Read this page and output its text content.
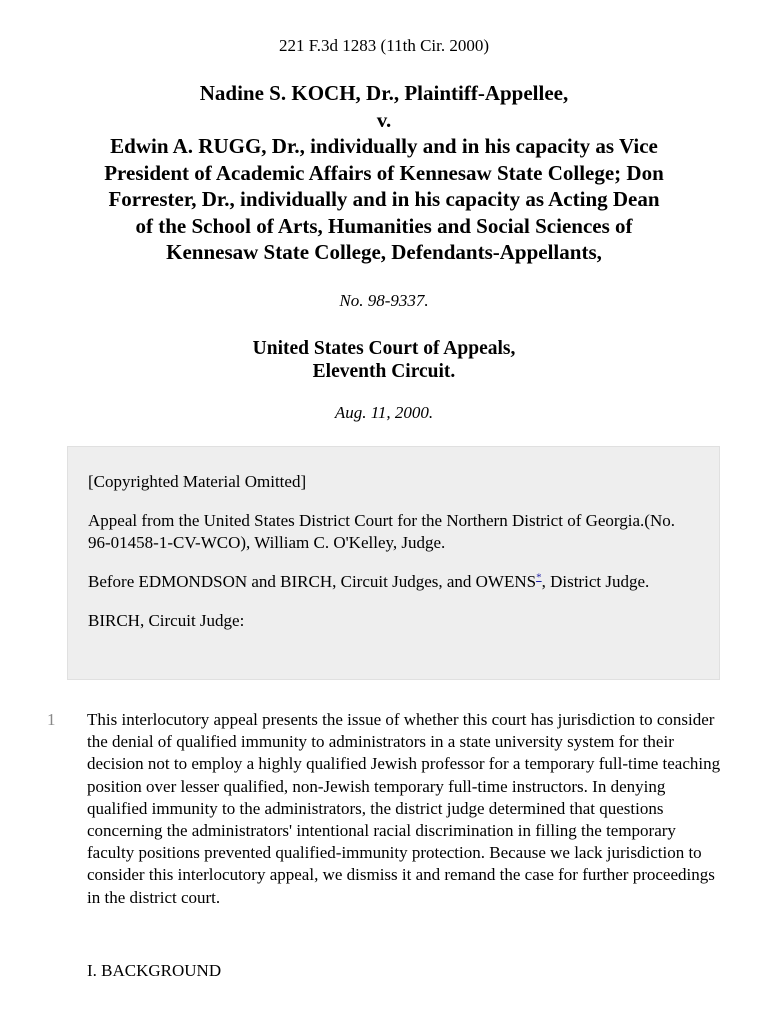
221 F.3d 1283 (11th Cir. 2000)
Nadine S. KOCH, Dr., Plaintiff-Appellee,
v.
Edwin A. RUGG, Dr., individually and in his capacity as Vice
President of Academic Affairs of Kennesaw State College; Don
Forrester, Dr., individually and in his capacity as Acting Dean
of the School of Arts, Humanities and Social Sciences of
Kennesaw State College, Defendants-Appellants,
No. 98-9337.
United States Court of Appeals,
Eleventh Circuit.
Aug. 11, 2000.

[Copyrighted Material Omitted]

Appeal from the United States District Court for the Northern District of Georgia.(No. 96-01458-1-CV-WCO), William C. O'Kelley, Judge.

Before EDMONDSON and BIRCH, Circuit Judges, and OWENS*, District Judge.

BIRCH, Circuit Judge:

1	This interlocutory appeal presents the issue of whether this court has jurisdiction to consider the denial of qualified immunity to administrators in a state university system for their decision not to employ a highly qualified Jewish professor for a temporary full-time teaching position over lesser qualified, non-Jewish temporary full-time instructors. In denying qualified immunity to the administrators, the district judge determined that questions concerning the administrators' intentional racial discrimination in filling the temporary faculty positions prevented qualified-immunity protection. Because we lack jurisdiction to consider this interlocutory appeal, we dismiss it and remand the case for further proceedings in the district court.
I. BACKGROUND
